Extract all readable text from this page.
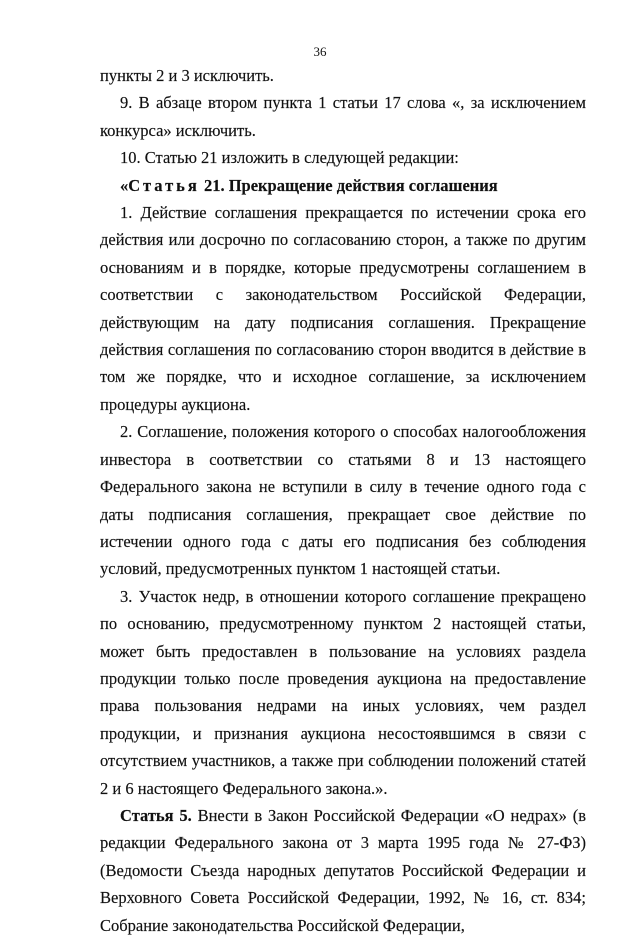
36

пункты 2 и 3 исключить.

9. В абзаце втором пункта 1 статьи 17 слова «, за исключением конкурса» исключить.

10. Статью 21 изложить в следующей редакции:

«Статья 21. Прекращение действия соглашения

1. Действие соглашения прекращается по истечении срока его действия или досрочно по согласованию сторон, а также по другим основаниям и в порядке, которые предусмотрены соглашением в соответствии с законодательством Российской Федерации, действующим на дату подписания соглашения. Прекращение действия соглашения по согласованию сторон вводится в действие в том же порядке, что и исходное соглашение, за исключением процедуры аукциона.

2. Соглашение, положения которого о способах налогообложения инвестора в соответствии со статьями 8 и 13 настоящего Федерального закона не вступили в силу в течение одного года с даты подписания соглашения, прекращает свое действие по истечении одного года с даты его подписания без соблюдения условий, предусмотренных пунктом 1 настоящей статьи.

3. Участок недр, в отношении которого соглашение прекращено по основанию, предусмотренному пунктом 2 настоящей статьи, может быть предоставлен в пользование на условиях раздела продукции только после проведения аукциона на предоставление права пользования недрами на иных условиях, чем раздел продукции, и признания аукциона несостоявшимся в связи с отсутствием участников, а также при соблюдении положений статей 2 и 6 настоящего Федерального закона.».

Статья 5. Внести в Закон Российской Федерации «О недрах» (в редакции Федерального закона от 3 марта 1995 года № 27-ФЗ) (Ведомости Съезда народных депутатов Российской Федерации и Верховного Совета Российской Федерации, 1992, № 16, ст. 834; Собрание законодательства Российской Федерации,
